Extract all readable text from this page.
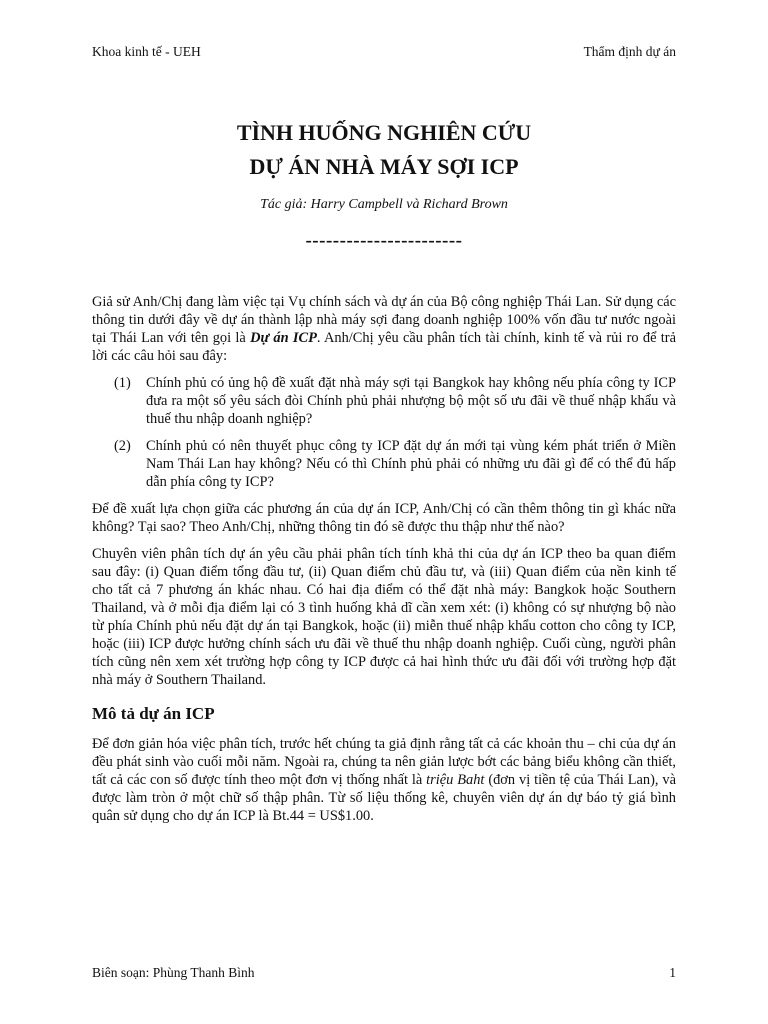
Khoa kinh tế - UEH	Thẩm định dự án
TÌNH HUỐNG NGHIÊN CỨU
DỰ ÁN NHÀ MÁY SỢI ICP
Tác giả: Harry Campbell và Richard Brown
-----------------------

Giả sử Anh/Chị đang làm việc tại Vụ chính sách và dự án của Bộ công nghiệp Thái Lan. Sử dụng các thông tin dưới đây về dự án thành lập nhà máy sợi đang doanh nghiệp 100% vốn đầu tư nước ngoài tại Thái Lan với tên gọi là Dự án ICP. Anh/Chị yêu cầu phân tích tài chính, kinh tế và rủi ro để trả lời các câu hỏi sau đây:

(1)	Chính phủ có ủng hộ đề xuất đặt nhà máy sợi tại Bangkok hay không nếu phía công ty ICP đưa ra một số yêu sách đòi Chính phủ phải nhượng bộ một số ưu đãi về thuế nhập khẩu và thuế thu nhập doanh nghiệp?
(2)	Chính phủ có nên thuyết phục công ty ICP đặt dự án mới tại vùng kém phát triển ở Miền Nam Thái Lan hay không? Nếu có thì Chính phủ phải có những ưu đãi gì để có thể đủ hấp dẫn phía công ty ICP?

Để đề xuất lựa chọn giữa các phương án của dự án ICP, Anh/Chị có cần thêm thông tin gì khác nữa không? Tại sao? Theo Anh/Chị, những thông tin đó sẽ được thu thập như thế nào?

Chuyên viên phân tích dự án yêu cầu phải phân tích tính khả thi của dự án ICP theo ba quan điểm sau đây: (i) Quan điểm tổng đầu tư, (ii) Quan điểm chủ đầu tư, và (iii) Quan điểm của nền kinh tế cho tất cả 7 phương án khác nhau. Có hai địa điểm có thể đặt nhà máy: Bangkok hoặc Southern Thailand, và ở mỗi địa điểm lại có 3 tình huống khả dĩ cần xem xét: (i) không có sự nhượng bộ nào từ phía Chính phủ nếu đặt dự án tại Bangkok, hoặc (ii) miễn thuế nhập khẩu cotton cho công ty ICP, hoặc (iii) ICP được hưởng chính sách ưu đãi về thuế thu nhập doanh nghiệp. Cuối cùng, người phân tích cũng nên xem xét trường hợp công ty ICP được cả hai hình thức ưu đãi đối với trường hợp đặt nhà máy ở Southern Thailand.

Mô tả dự án ICP

Để đơn giản hóa việc phân tích, trước hết chúng ta giả định rằng tất cả các khoản thu – chi của dự án đều phát sinh vào cuối mỗi năm. Ngoài ra, chúng ta nên giản lược bớt các bảng biểu không cần thiết, tất cả các con số được tính theo một đơn vị thống nhất là triệu Baht (đơn vị tiền tệ của Thái Lan), và được làm tròn ở một chữ số thập phân. Từ số liệu thống kê, chuyên viên dự án dự báo tỷ giá bình quân sử dụng cho dự án ICP là Bt.44 = US$1.00.

Biên soạn: Phùng Thanh Bình	1
